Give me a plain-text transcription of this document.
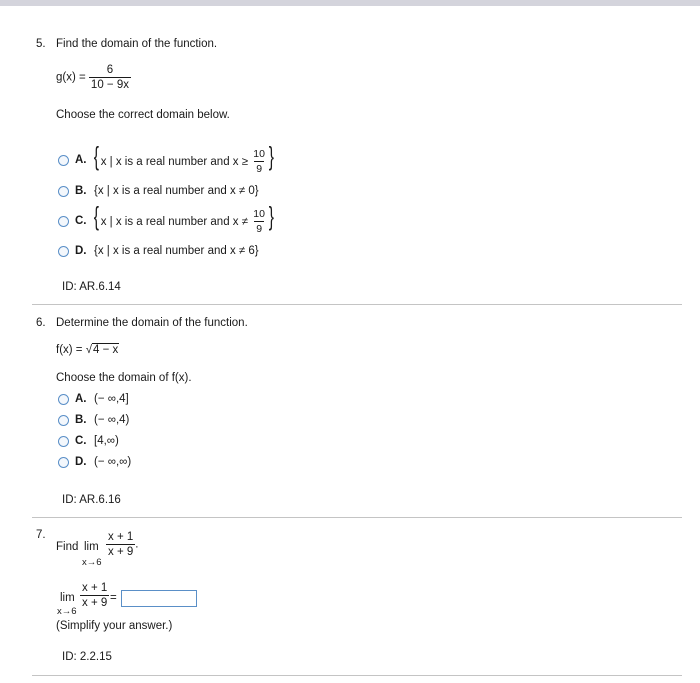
5. Find the domain of the function.
$g(x) = \frac{6}{10 - 9x}$
Choose the correct domain below.
A. { x | x is a real number and $x \ge \frac{10}{9}$ }
B. {x | x is a real number and x ≠ 0}
C. { x | x is a real number and $x \ne \frac{10}{9}$ }
D. {x | x is a real number and x ≠ 6}
ID: AR.6.14
6. Determine the domain of the function.
f(x) = √4 − x
Choose the domain of f(x).
A. (− ∞,4]
B. (− ∞,4)
C. [4,∞)
D. (− ∞,∞)
ID: AR.6.16
7.
Find lim
x→6
$\frac{x + 1}{x + 9}$ .
lim
x→6
$\frac{x + 1}{x + 9}$ =
(Simplify your answer.)
ID: 2.2.15
